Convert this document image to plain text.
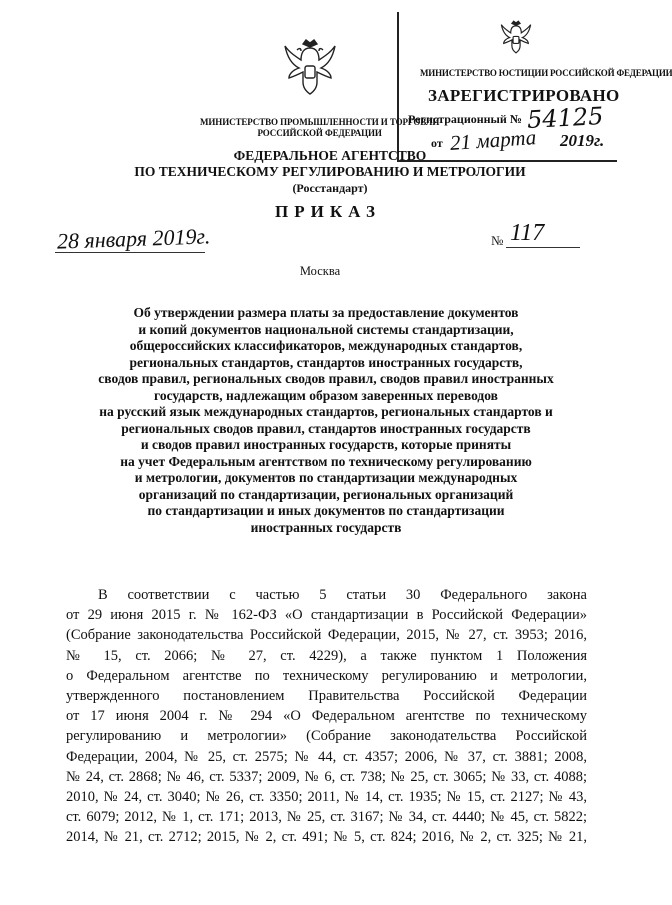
МИНИСТЕРСТВО ЮСТИЦИИ РОССИЙСКОЙ ФЕДЕРАЦИИ
ЗАРЕГИСТРИРОВАНО
Регистрационный № 54125
от 21 марта 2019г.
МИНИСТЕРСТВО ПРОМЫШЛЕННОСТИ И ТОРГОВЛИ
РОССИЙСКОЙ ФЕДЕРАЦИИ
ФЕДЕРАЛЬНОЕ АГЕНТСТВО
ПО ТЕХНИЧЕСКОМУ РЕГУЛИРОВАНИЮ И МЕТРОЛОГИИ
(Росстандарт)
ПРИКАЗ
28 января 2019г.	№ 117
Москва
Об утверждении размера платы за предоставление документов
и копий документов национальной системы стандартизации,
общероссийских классификаторов, международных стандартов,
региональных стандартов, стандартов иностранных государств,
сводов правил, региональных сводов правил, сводов правил иностранных
государств, надлежащим образом заверенных переводов
на русский язык международных стандартов, региональных стандартов и
региональных сводов правил, стандартов иностранных государств
и сводов правил иностранных государств, которые приняты
на учет Федеральным агентством по техническому регулированию
и метрологии, документов по стандартизации международных
организаций по стандартизации, региональных организаций
по стандартизации и иных документов по стандартизации
иностранных государств
В соответствии с частью 5 статьи 30 Федерального закона
от 29 июня 2015 г. № 162-ФЗ «О стандартизации в Российской Федерации»
(Собрание законодательства Российской Федерации, 2015, № 27, ст. 3953; 2016,
№ 15, ст. 2066; № 27, ст. 4229), а также пунктом 1 Положения
о Федеральном агентстве по техническому регулированию и метрологии,
утвержденного постановлением Правительства Российской Федерации
от 17 июня 2004 г. № 294 «О Федеральном агентстве по техническому
регулированию и метрологии» (Собрание законодательства Российской
Федерации, 2004, № 25, ст. 2575; № 44, ст. 4357; 2006, № 37, ст. 3881; 2008,
№ 24, ст. 2868; № 46, ст. 5337; 2009, № 6, ст. 738; № 25, ст. 3065; № 33, ст. 4088;
2010, № 24, ст. 3040; № 26, ст. 3350; 2011, № 14, ст. 1935; № 15, ст. 2127; № 43,
ст. 6079; 2012, № 1, ст. 171; 2013, № 25, ст. 3167; № 34, ст. 4440; № 45, ст. 5822;
2014, № 21, ст. 2712; 2015, № 2, ст. 491; № 5, ст. 824; 2016, № 2, ст. 325; № 21,
